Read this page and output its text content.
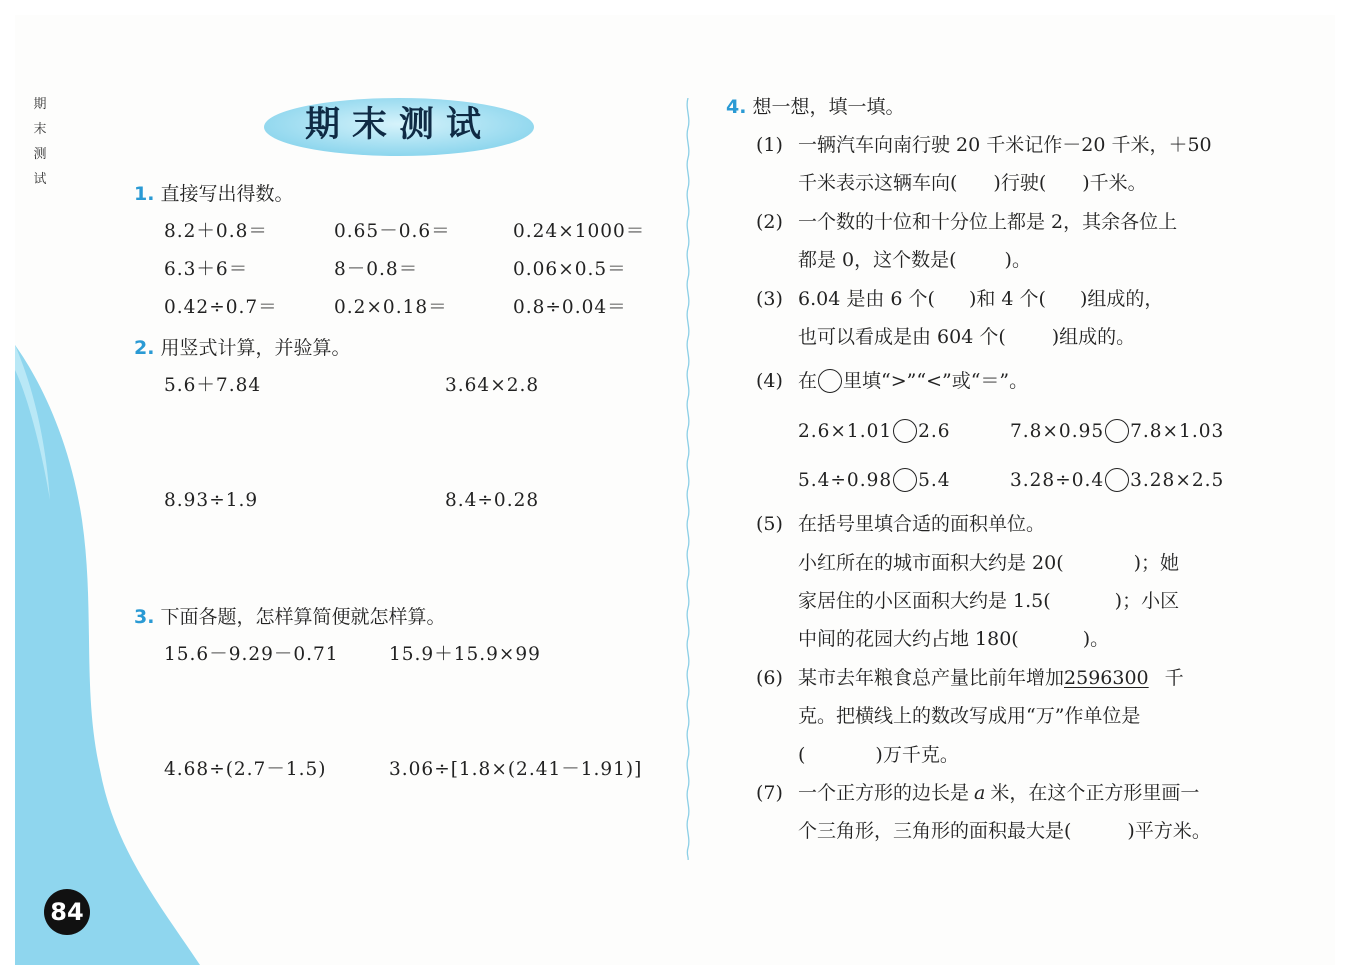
期
末
测
试
84
期末测试
1. 直接写出得数。
8.2＋0.8＝	0.65－0.6＝	0.24×1000＝
6.3＋6＝	8－0.8＝	0.06×0.5＝
0.42÷0.7＝	0.2×0.18＝	0.8÷0.04＝
2. 用竖式计算，并验算。
5.6＋7.84	3.64×2.8
8.93÷1.9	8.4÷0.28
3. 下面各题，怎样算简便就怎样算。
15.6－9.29－0.71	15.9＋15.9×99
4.68÷(2.7－1.5)	3.06÷[1.8×(2.41－1.91)]
4. 想一想，填一填。
(1) 一辆汽车向南行驶 20 千米记作－20 千米，＋50
千米表示这辆车向( )行驶( )千米。
(2) 一个数的十位和十分位上都是 2，其余各位上
都是 0，这个数是(	)。
(3) 6.04 是由 6 个( )和 4 个( )组成的，
也可以看成是由 604 个( )组成的。
(4) 在 里填“>”“<”或“＝”。
2.6×1.01 2.6	7.8×0.95 7.8×1.03
5.4÷0.98 5.4	3.28÷0.4 3.28×2.5
(5) 在括号里填合适的面积单位。
小红所在的城市面积大约是 20(	)；她
家居住的小区面积大约是 1.5(	)；小区
中间的花园大约占地 180(	)。
(6) 某市去年粮食总产量比前年增加2596300 千
克。把横线上的数改写成用“万”作单位是
(	)万千克。
(7) 一个正方形的边长是 a 米，在这个正方形里画一
个三角形，三角形的面积最大是(	)平方米。
